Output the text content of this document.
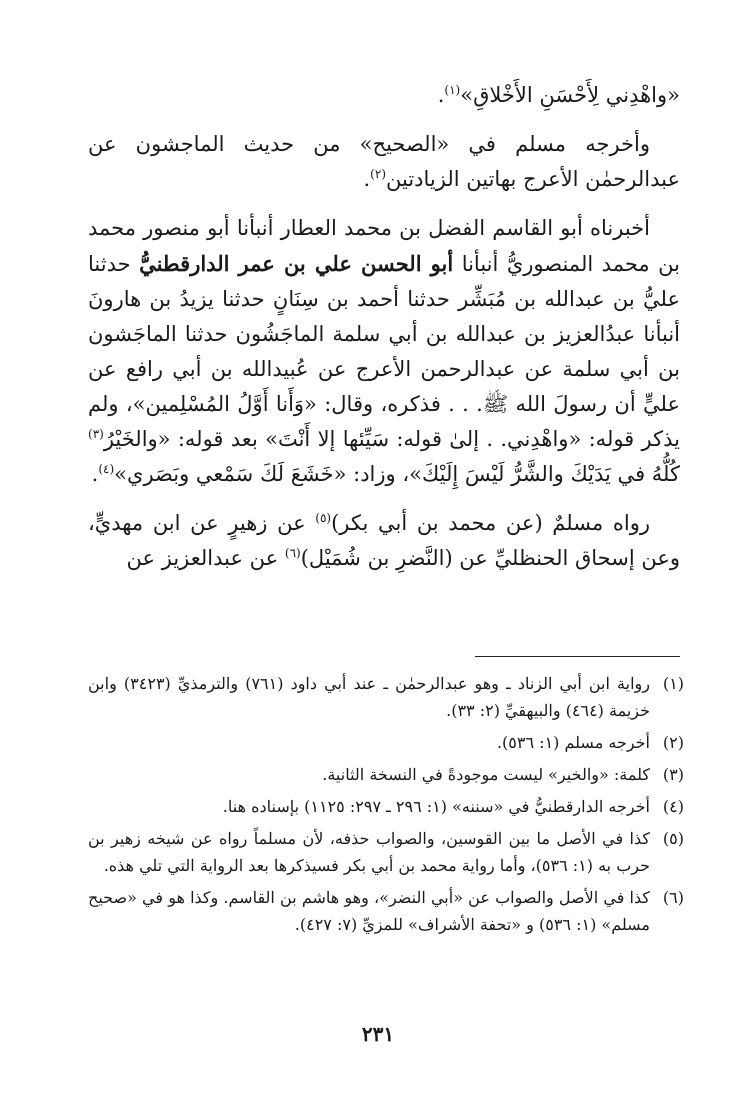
«واهْدِني لِأَحْسَنِ الأَخْلاقِ»$^{(١)}$.

وأخرجه مسلم في «الصحيح» من حديث الماجشون عن عبدالرحمٰن الأعرج بهاتين الزيادتين$^{(٢)}$.

أخبرناه أبو القاسم الفضل بن محمد العطار أنبأنا أبو منصور محمد بن محمد المنصوريُّ أنبأنا أبو الحسن علي بن عمر الدارقطنيُّ حدثنا عليُّ بن عبدالله بن مُبَشِّر حدثنا أحمد بن سِنَانٍ حدثنا يزيدُ بن هارونَ أنبأنا عبدُالعزيز بن عبدالله بن أبي سلمة الماجَشُون حدثنا الماجَشون بن أبي سلمة عن عبدالرحمن الأعرج عن عُبيدالله بن أبي رافع عن عليٍّ أن رسولَ الله ﷺ. . . فذكره، وقال: «وَأَنا أَوَّلُ المُسْلِمين»، ولم يذكر قوله: «واهْدِني. . إلىٰ قوله: سَيِّئها إلا أَنْتَ» بعد قوله: «والخَيْرُ$^{(٣)}$ كُلُّهُ في يَدَيْكَ والشَّرُّ لَيْسَ إِلَيْكَ»، وزاد: «خَشَعَ لَكَ سَمْعي وبَصَري»$^{(٤)}$.

رواه مسلمٌ (عن محمد بن أبي بكر)$^{(٥)}$ عن زهيرٍ عن ابن مهديٍّ، وعن إسحاق الحنظليِّ عن (النَّضرِ بن شُمَيْل)$^{(٦)}$ عن عبدالعزيز عن

(١)
رواية ابن أبي الزناد ـ وهو عبدالرحمٰن ـ عند أبي داود (٧٦١) والترمذيِّ (٣٤٢٣) وابن خزيمة (٤٦٤) والبيهقيِّ (٢: ٣٣).
(٢)
أخرجه مسلم (١: ٥٣٦).
(٣)
كلمة: «والخير» ليست موجودةً في النسخة الثانية.
(٤)
أخرجه الدارقطنيُّ في «سننه» (١: ٢٩٦ ـ ٢٩٧: ١١٢٥) بإسناده هنا.
(٥)
كذا في الأصل ما بين القوسين، والصواب حذفه، لأن مسلماً رواه عن شيخه زهير بن حرب به (١: ٥٣٦)، وأما رواية محمد بن أبي بكر فسيذكرها بعد الرواية التي تلي هذه.
(٦)
كذا في الأصل والصواب عن «أبي النضر»، وهو هاشم بن القاسم. وكذا هو في «صحيح مسلم» (١: ٥٣٦) و «تحفة الأشراف» للمزيِّ (٧: ٤٢٧).
٢٣١
